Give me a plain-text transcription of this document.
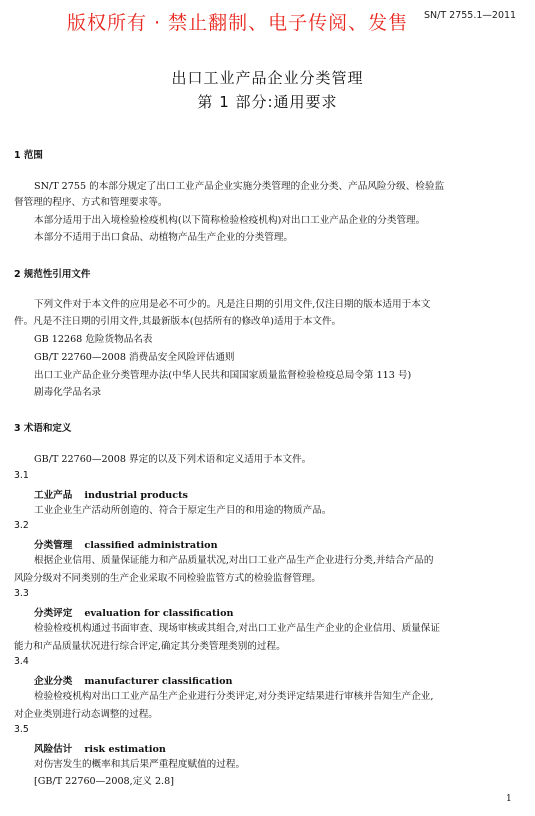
版权所有 · 禁止翻制、电子传阅、发售 SN/T 2755.1—2011
出口工业产品企业分类管理
第 1 部分:通用要求
1 范围
SN/T 2755 的本部分规定了出口工业产品企业实施分类管理的企业分类、产品风险分级、检验监
督管理的程序、方式和管理要求等。
本部分适用于出入境检验检疫机构(以下简称检验检疫机构)对出口工业产品企业的分类管理。
本部分不适用于出口食品、动植物产品生产企业的分类管理。
2 规范性引用文件
下列文件对于本文件的应用是必不可少的。凡是注日期的引用文件,仅注日期的版本适用于本文
件。凡是不注日期的引用文件,其最新版本(包括所有的修改单)适用于本文件。
GB 12268 危险货物品名表
GB/T 22760—2008 消费品安全风险评估通则
出口工业产品企业分类管理办法(中华人民共和国国家质量监督检验检疫总局令第 113 号)
剧毒化学品名录
3 术语和定义
GB/T 22760—2008 界定的以及下列术语和定义适用于本文件。
3.1
工业产品 industrial products
工业企业生产活动所创造的、符合于原定生产目的和用途的物质产品。
3.2
分类管理 classified administration
根据企业信用、质量保证能力和产品质量状况,对出口工业产品生产企业进行分类,并结合产品的
风险分级对不同类别的生产企业采取不同检验监管方式的检验监督管理。
3.3
分类评定 evaluation for classification
检验检疫机构通过书面审查、现场审核或其组合,对出口工业产品生产企业的企业信用、质量保证
能力和产品质量状况进行综合评定,确定其分类管理类别的过程。
3.4
企业分类 manufacturer classification
检验检疫机构对出口工业产品生产企业进行分类评定,对分类评定结果进行审核并告知生产企业,
对企业类别进行动态调整的过程。
3.5
风险估计 risk estimation
对伤害发生的概率和其后果严重程度赋值的过程。
[GB/T 22760—2008,定义 2.8]
1
